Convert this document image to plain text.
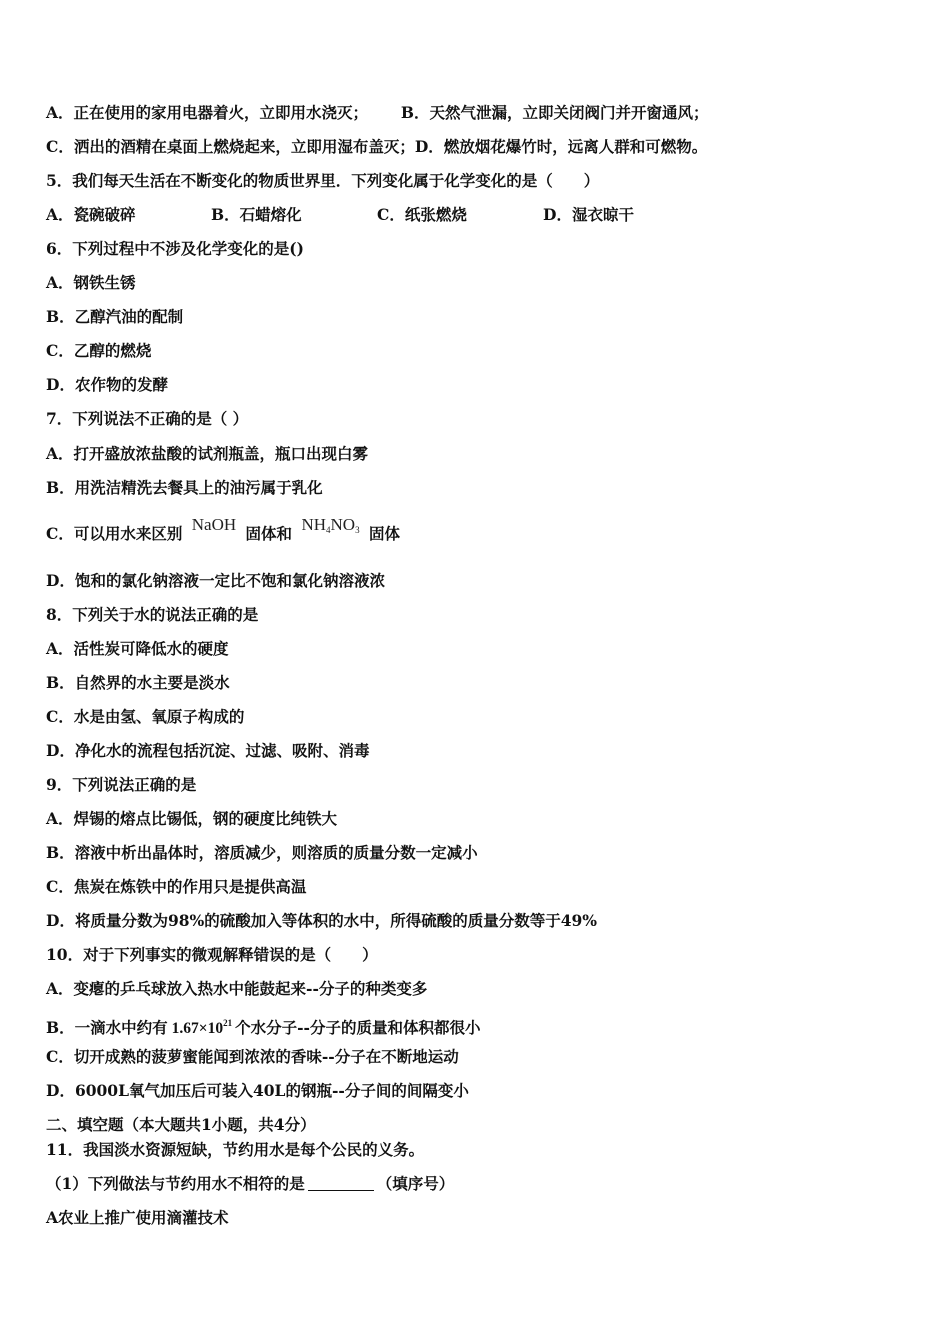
A．正在使用的家用电器着火，立即用水浇灭； B．天然气泄漏，立即关闭阀门并开窗通风；
C．洒出的酒精在桌面上燃烧起来，立即用湿布盖灭；D．燃放烟花爆竹时，远离人群和可燃物。
5．我们每天生活在不断变化的物质世界里．下列变化属于化学变化的是（　　）
A．瓷碗破碎	B．石蜡熔化	C．纸张燃烧	D．湿衣晾干
6．下列过程中不涉及化学变化的是()
A．钢铁生锈
B．乙醇汽油的配制
C．乙醇的燃烧
D．农作物的发酵
7．下列说法不正确的是（ ）
A．打开盛放浓盐酸的试剂瓶盖，瓶口出现白雾
B．用洗洁精洗去餐具上的油污属于乳化
C．可以用水来区别 NaOH 固体和 $NH_4NO_3$ 固体
D．饱和的氯化钠溶液一定比不饱和氯化钠溶液浓
8．下列关于水的说法正确的是
A．活性炭可降低水的硬度
B．自然界的水主要是淡水
C．水是由氢、氧原子构成的
D．净化水的流程包括沉淀、过滤、吸附、消毒
9．下列说法正确的是
A．焊锡的熔点比锡低，钢的硬度比纯铁大
B．溶液中析出晶体时，溶质减少，则溶质的质量分数一定减小
C．焦炭在炼铁中的作用只是提供高温
D．将质量分数为98%的硫酸加入等体积的水中，所得硫酸的质量分数等于49%
10．对于下列事实的微观解释错误的是（　　）
A．变瘪的乒乓球放入热水中能鼓起来--分子的种类变多
B．一滴水中约有 $1.67\times 10^{21}$ 个水分子--分子的质量和体积都很小
C．切开成熟的菠萝蜜能闻到浓浓的香味--分子在不断地运动
D．6000L氧气加压后可装入40L的钢瓶--分子间的间隔变小
二、填空题（本大题共1小题，共4分）
11．我国淡水资源短缺，节约用水是每个公民的义务。
（1）下列做法与节约用水不相符的是	（填序号）
A农业上推广使用滴灌技术
